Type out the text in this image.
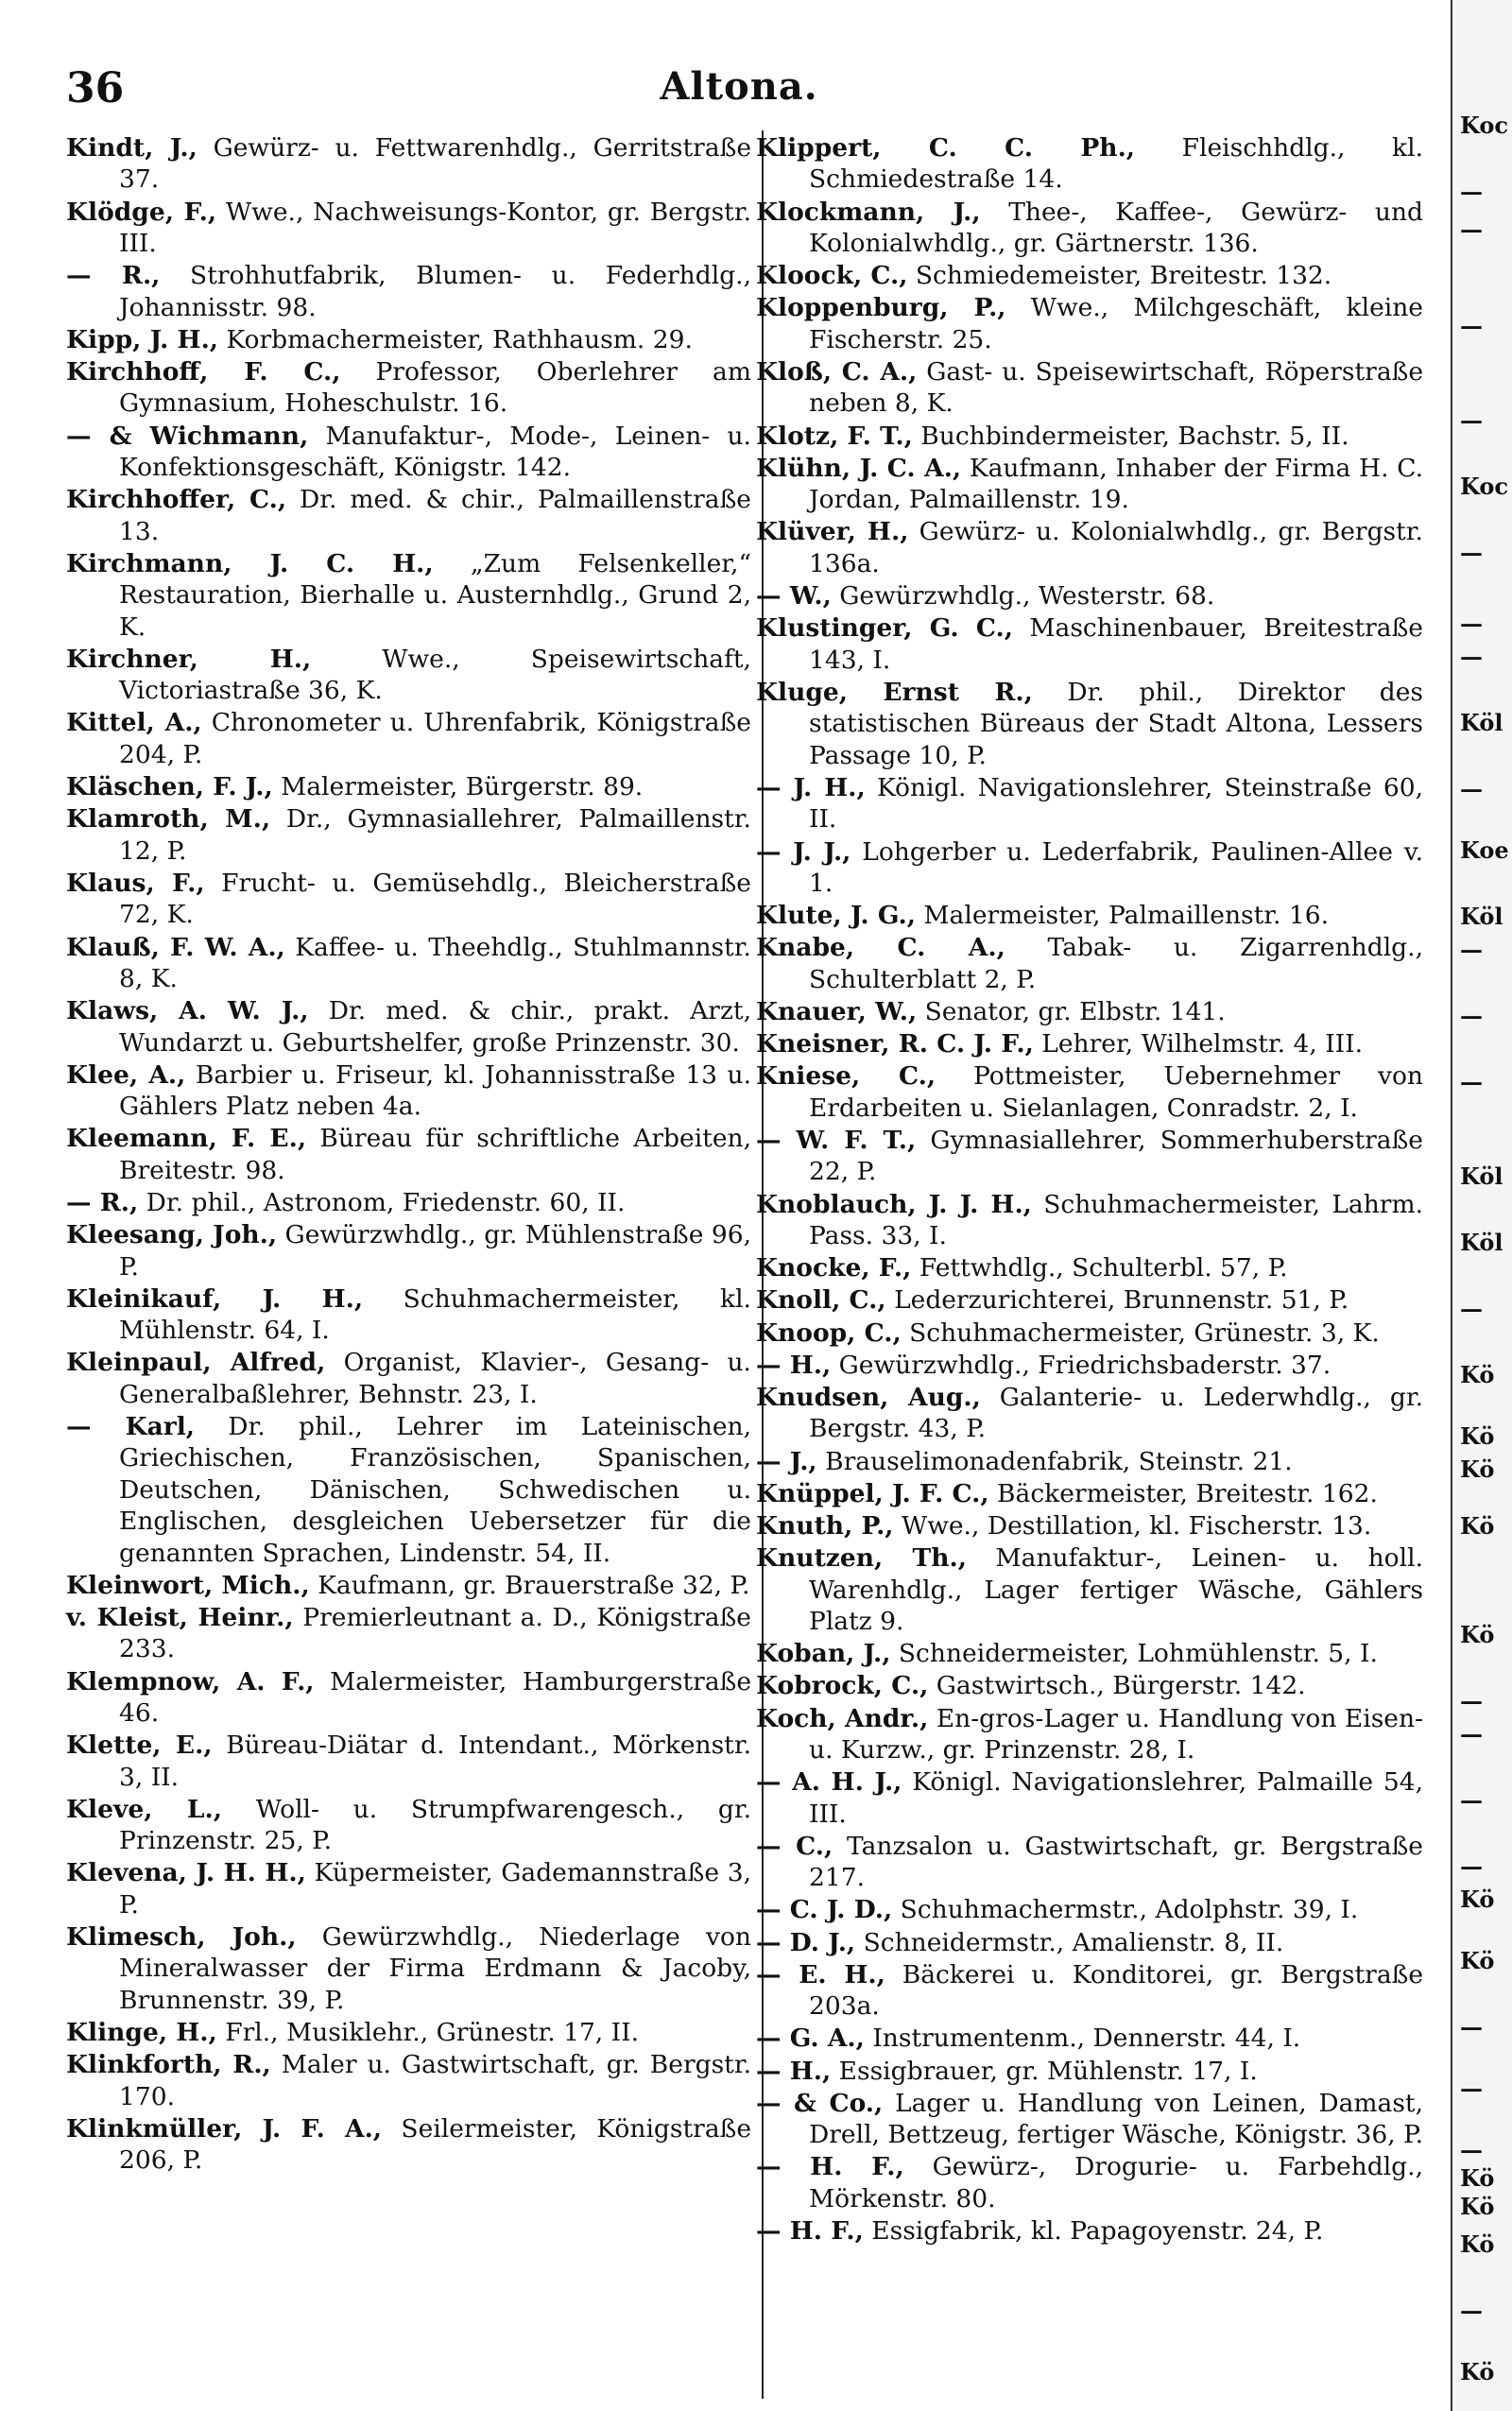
36	Altona.

Kindt, J., Gewürz- u. Fettwarenhdlg., Gerritstraße 37.

Klödge, F., Wwe., Nachweisungs-Kontor, gr. Bergstr. III.

— R., Strohhutfabrik, Blumen- u. Federhdlg., Johannisstr. 98.

Kipp, J. H., Korbmachermeister, Rathhausm. 29.

Kirchhoff, F. C., Professor, Oberlehrer am Gymnasium, Hoheschulstr. 16.

— & Wichmann, Manufaktur-, Mode-, Leinen- u. Konfektionsgeschäft, Königstr. 142.

Kirchhoffer, C., Dr. med. & chir., Palmaillenstraße 13.

Kirchmann, J. C. H., „Zum Felsenkeller,“ Restauration, Bierhalle u. Austernhdlg., Grund 2, K.

Kirchner, H., Wwe., Speisewirtschaft, Victoriastraße 36, K.

Kittel, A., Chronometer u. Uhrenfabrik, Königstraße 204, P.

Kläschen, F. J., Malermeister, Bürgerstr. 89.

Klamroth, M., Dr., Gymnasiallehrer, Palmaillenstr. 12, P.

Klaus, F., Frucht- u. Gemüsehdlg., Bleicherstraße 72, K.

Klauß, F. W. A., Kaffee- u. Theehdlg., Stuhlmannstr. 8, K.

Klaws, A. W. J., Dr. med. & chir., prakt. Arzt, Wundarzt u. Geburtshelfer, große Prinzenstr. 30.

Klee, A., Barbier u. Friseur, kl. Johannisstraße 13 u. Gählers Platz neben 4a.

Kleemann, F. E., Büreau für schriftliche Arbeiten, Breitestr. 98.

— R., Dr. phil., Astronom, Friedenstr. 60, II.

Kleesang, Joh., Gewürzwhdlg., gr. Mühlenstraße 96, P.

Kleinikauf, J. H., Schuhmachermeister, kl. Mühlenstr. 64, I.

Kleinpaul, Alfred, Organist, Klavier-, Gesang- u. Generalbaßlehrer, Behnstr. 23, I.

— Karl, Dr. phil., Lehrer im Lateinischen, Griechischen, Französischen, Spanischen, Deutschen, Dänischen, Schwedischen u. Englischen, desgleichen Uebersetzer für die genannten Sprachen, Lindenstr. 54, II.

Kleinwort, Mich., Kaufmann, gr. Brauerstraße 32, P.

v. Kleist, Heinr., Premierleutnant a. D., Königstraße 233.

Klempnow, A. F., Malermeister, Hamburgerstraße 46.

Klette, E., Büreau-Diätar d. Intendant., Mörkenstr. 3, II.

Kleve, L., Woll- u. Strumpfwarengesch., gr. Prinzenstr. 25, P.

Klevena, J. H. H., Küpermeister, Gademannstraße 3, P.

Klimesch, Joh., Gewürzwhdlg., Niederlage von Mineralwasser der Firma Erdmann & Jacoby, Brunnenstr. 39, P.

Klinge, H., Frl., Musiklehr., Grünestr. 17, II.

Klinkforth, R., Maler u. Gastwirtschaft, gr. Bergstr. 170.

Klinkmüller, J. F. A., Seilermeister, Königstraße 206, P.

Klippert, C. C. Ph., Fleischhdlg., kl. Schmiedestraße 14.

Klockmann, J., Thee-, Kaffee-, Gewürz- und Kolonialwhdlg., gr. Gärtnerstr. 136.

Kloock, C., Schmiedemeister, Breitestr. 132.

Kloppenburg, P., Wwe., Milchgeschäft, kleine Fischerstr. 25.

Kloß, C. A., Gast- u. Speisewirtschaft, Röperstraße neben 8, K.

Klotz, F. T., Buchbindermeister, Bachstr. 5, II.

Klühn, J. C. A., Kaufmann, Inhaber der Firma H. C. Jordan, Palmaillenstr. 19.

Klüver, H., Gewürz- u. Kolonialwhdlg., gr. Bergstr. 136a.

— W., Gewürzwhdlg., Westerstr. 68.

Klustinger, G. C., Maschinenbauer, Breitestraße 143, I.

Kluge, Ernst R., Dr. phil., Direktor des statistischen Büreaus der Stadt Altona, Lessers Passage 10, P.

— J. H., Königl. Navigationslehrer, Steinstraße 60, II.

— J. J., Lohgerber u. Lederfabrik, Paulinen-Allee v. 1.

Klute, J. G., Malermeister, Palmaillenstr. 16.

Knabe, C. A., Tabak- u. Zigarrenhdlg., Schulterblatt 2, P.

Knauer, W., Senator, gr. Elbstr. 141.

Kneisner, R. C. J. F., Lehrer, Wilhelmstr. 4, III.

Kniese, C., Pottmeister, Uebernehmer von Erdarbeiten u. Sielanlagen, Conradstr. 2, I.

— W. F. T., Gymnasiallehrer, Sommerhuberstraße 22, P.

Knoblauch, J. J. H., Schuhmachermeister, Lahrm. Pass. 33, I.

Knocke, F., Fettwhdlg., Schulterbl. 57, P.

Knoll, C., Lederzurichterei, Brunnenstr. 51, P.

Knoop, C., Schuhmachermeister, Grünestr. 3, K.

— H., Gewürzwhdlg., Friedrichsbaderstr. 37.

Knudsen, Aug., Galanterie- u. Lederwhdlg., gr. Bergstr. 43, P.

— J., Brauselimonadenfabrik, Steinstr. 21.

Knüppel, J. F. C., Bäckermeister, Breitestr. 162.

Knuth, P., Wwe., Destillation, kl. Fischerstr. 13.

Knutzen, Th., Manufaktur-, Leinen- u. holl. Warenhdlg., Lager fertiger Wäsche, Gählers Platz 9.

Koban, J., Schneidermeister, Lohmühlenstr. 5, I.

Kobrock, C., Gastwirtsch., Bürgerstr. 142.

Koch, Andr., En-gros-Lager u. Handlung von Eisen- u. Kurzw., gr. Prinzenstr. 28, I.

— A. H. J., Königl. Navigationslehrer, Palmaille 54, III.

— C., Tanzsalon u. Gastwirtschaft, gr. Bergstraße 217.

— C. J. D., Schuhmachermstr., Adolphstr. 39, I.

— D. J., Schneidermstr., Amalienstr. 8, II.

— E. H., Bäckerei u. Konditorei, gr. Bergstraße 203a.

— G. A., Instrumentenm., Dennerstr. 44, I.

— H., Essigbrauer, gr. Mühlenstr. 17, I.

— & Co., Lager u. Handlung von Leinen, Damast, Drell, Bettzeug, fertiger Wäsche, Königstr. 36, P.

— H. F., Gewürz-, Drogurie- u. Farbehdlg., Mörkenstr. 80.

— H. F., Essigfabrik, kl. Papagoyenstr. 24, P.

Koc
—
—
—
—
Koc
—
—
—
Köl
—
Koe
Köl
—
—
—
Köl
Köl
—
Kö
Kö
Kö
Kö
Kö
—
—
—
—
Kö
Kö
—
—
—
Kö
Kö
Kö
—
Kö
